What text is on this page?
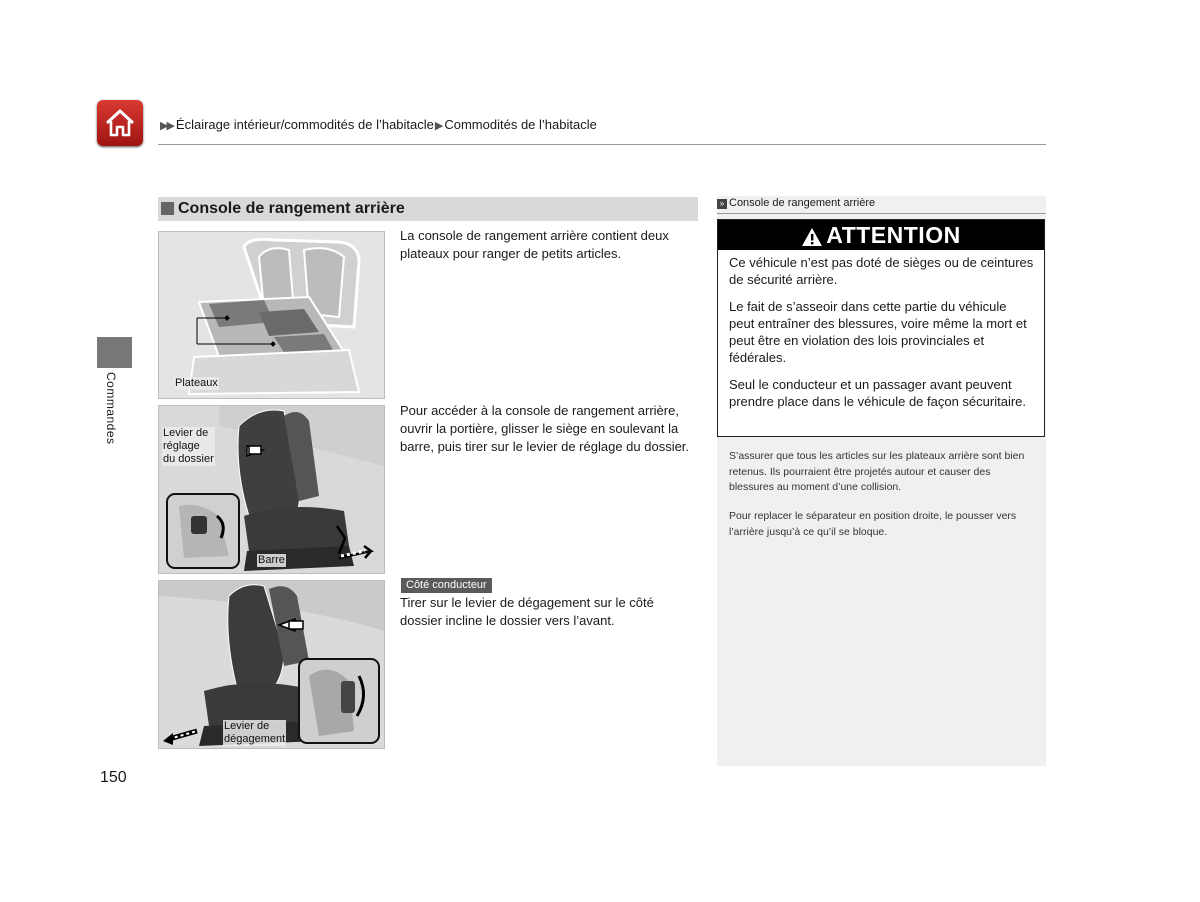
▶▶ Éclairage intérieur/commodités de l’habitacle▶ Commodités de l’habitacle
Commandes
Console de rangement arrière
Plateaux
Levier de
réglage
du dossier
Barre
Levier de
dégagement
La console de rangement arrière contient deux plateaux pour ranger de petits articles.
Pour accéder à la console de rangement arrière, ouvrir la portière, glisser le siège en soulevant la barre, puis tirer sur le levier de réglage du dossier.
Côté conducteur
Tirer sur le levier de dégagement sur le côté dossier incline le dossier vers l’avant.
» Console de rangement arrière
ATTENTION
Ce véhicule n’est pas doté de sièges ou de ceintures de sécurité arrière.
Le fait de s’asseoir dans cette partie du véhicule peut entraîner des blessures, voire même la mort et peut être en violation des lois provinciales et fédérales.
Seul le conducteur et un passager avant peuvent prendre place dans le véhicule de façon sécuritaire.
S’assurer que tous les articles sur les plateaux arrière sont bien retenus. Ils pourraient être projetés autour et causer des blessures au moment d’une collision.
Pour replacer le séparateur en position droite, le pousser vers l’arrière jusqu’à ce qu’il se bloque.
150
